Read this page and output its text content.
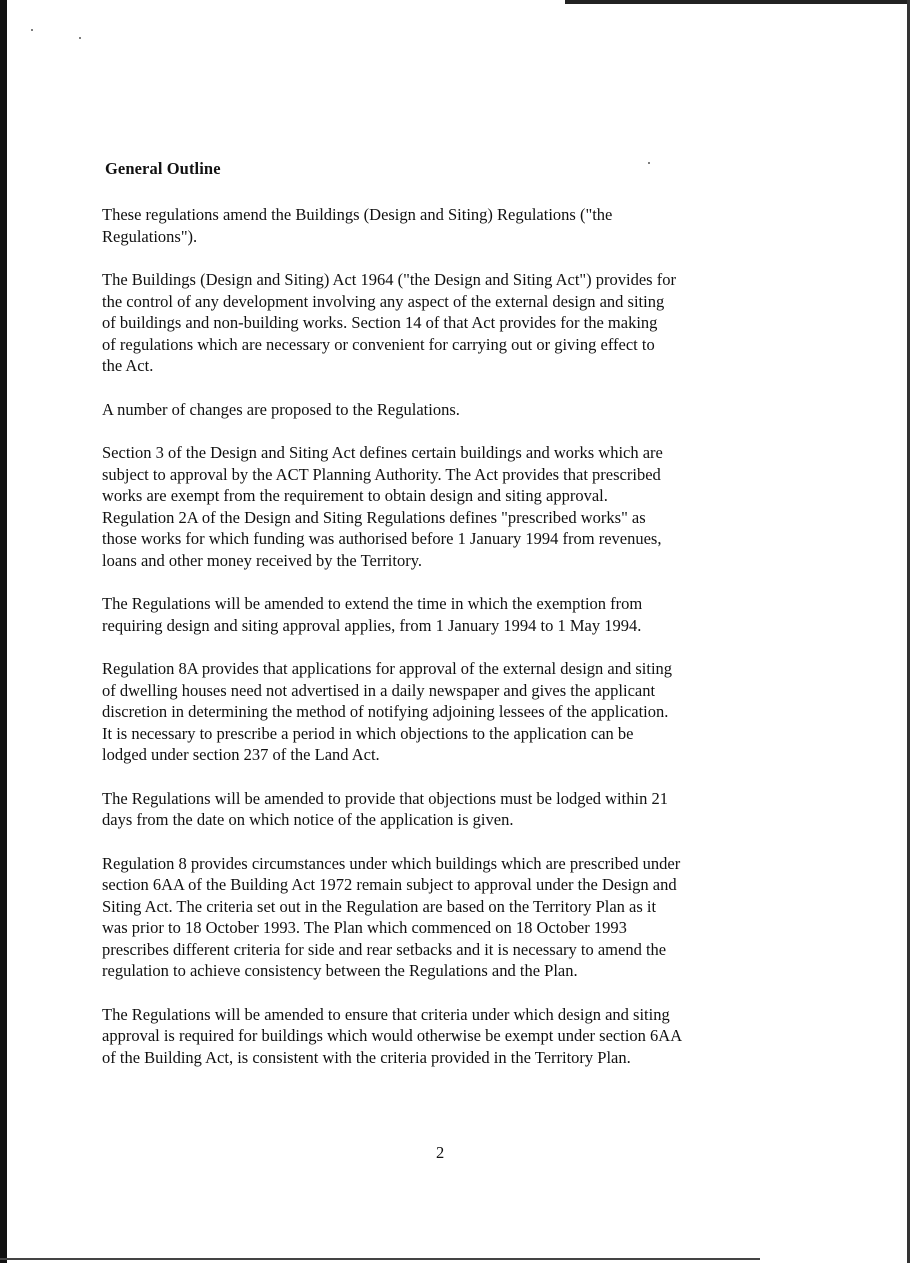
General Outline

These regulations amend the Buildings (Design and Siting) Regulations ("the
Regulations").

The Buildings (Design and Siting) Act 1964 ("the Design and Siting Act") provides for
the control of any development involving any aspect of the external design and siting
of buildings and non-building works. Section 14 of that Act provides for the making
of regulations which are necessary or convenient for carrying out or giving effect to
the Act.

A number of changes are proposed to the Regulations.

Section 3 of the Design and Siting Act defines certain buildings and works which are
subject to approval by the ACT Planning Authority. The Act provides that prescribed
works are exempt from the requirement to obtain design and siting approval.
Regulation 2A of the Design and Siting Regulations defines "prescribed works" as
those works for which funding was authorised before 1 January 1994 from revenues,
loans and other money received by the Territory.

The Regulations will be amended to extend the time in which the exemption from
requiring design and siting approval applies, from 1 January 1994 to 1 May 1994.

Regulation 8A provides that applications for approval of the external design and siting
of dwelling houses need not advertised in a daily newspaper and gives the applicant
discretion in determining the method of notifying adjoining lessees of the application.
It is necessary to prescribe a period in which objections to the application can be
lodged under section 237 of the Land Act.

The Regulations will be amended to provide that objections must be lodged within 21
days from the date on which notice of the application is given.

Regulation 8 provides circumstances under which buildings which are prescribed under
section 6AA of the Building Act 1972 remain subject to approval under the Design and
Siting Act. The criteria set out in the Regulation are based on the Territory Plan as it
was prior to 18 October 1993. The Plan which commenced on 18 October 1993
prescribes different criteria for side and rear setbacks and it is necessary to amend the
regulation to achieve consistency between the Regulations and the Plan.

The Regulations will be amended to ensure that criteria under which design and siting
approval is required for buildings which would otherwise be exempt under section 6AA
of the Building Act, is consistent with the criteria provided in the Territory Plan.

2
